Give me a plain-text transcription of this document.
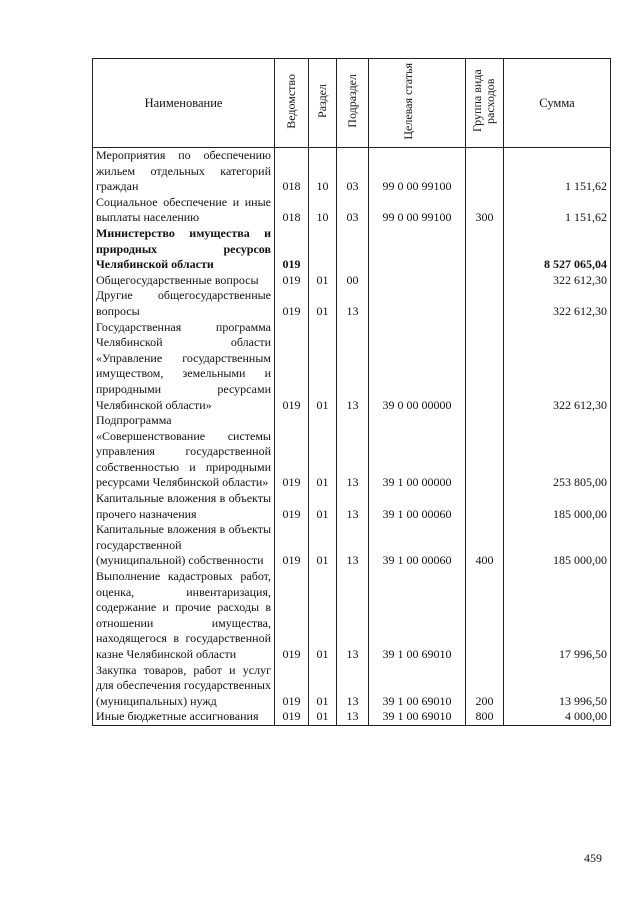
Наименование	Ведомство	Раздел	Подраздел	Целевая статья	Группа вида расходов	Сумма
Мероприятия по обеспечению жильем отдельных категорий граждан	018	10	03	99 0 00 99100		1 151,62
Социальное обеспечение и иные выплаты населению	018	10	03	99 0 00 99100	300	1 151,62
Министерство имущества и природных ресурсов Челябинской области	019					8 527 065,04
Общегосударственные вопросы	019	01	00			322 612,30
Другие общегосударственные вопросы	019	01	13			322 612,30
Государственная программа Челябинской области «Управление государственным имуществом, земельными и природными ресурсами Челябинской области»	019	01	13	39 0 00 00000		322 612,30
Подпрограмма «Совершенствование системы управления государственной собственностью и природными ресурсами Челябинской области»	019	01	13	39 1 00 00000		253 805,00
Капитальные вложения в объекты прочего назначения	019	01	13	39 1 00 00060		185 000,00
Капитальные вложения в объекты государственной (муниципальной) собственности	019	01	13	39 1 00 00060	400	185 000,00
Выполнение кадастровых работ, оценка, инвентаризация, содержание и прочие расходы в отношении имущества, находящегося в государственной казне Челябинской области	019	01	13	39 1 00 69010		17 996,50
Закупка товаров, работ и услуг для обеспечения государственных (муниципальных) нужд	019	01	13	39 1 00 69010	200	13 996,50
Иные бюджетные ассигнования	019	01	13	39 1 00 69010	800	4 000,00
459
